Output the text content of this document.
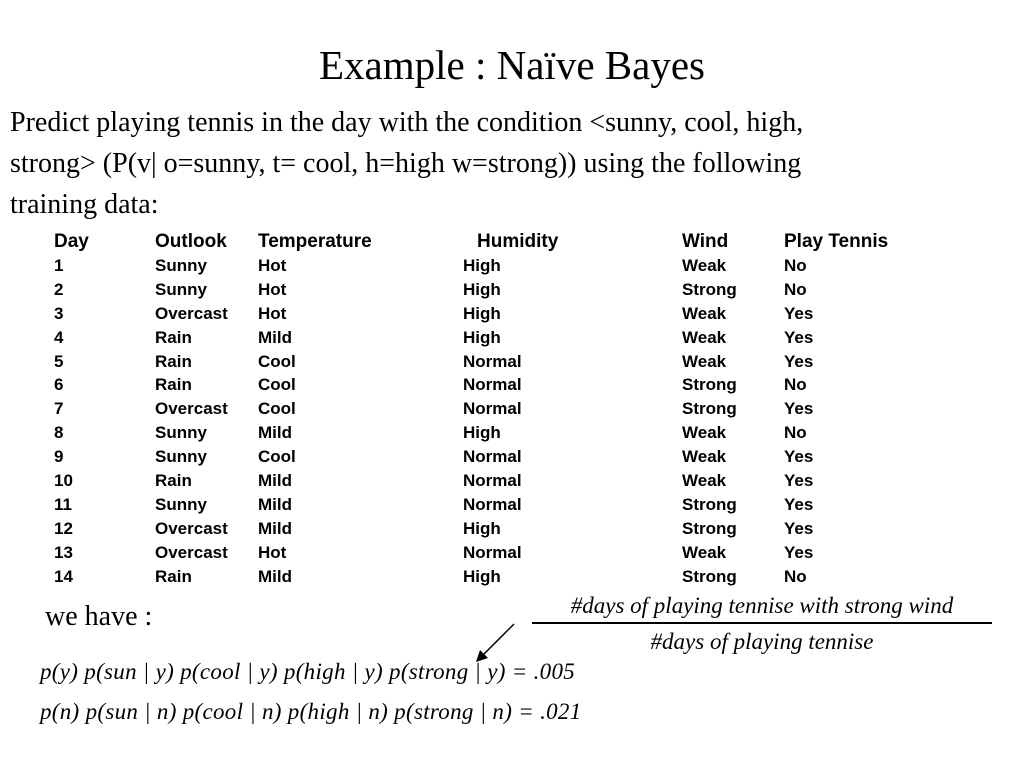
Example : Naïve Bayes

Predict playing tennis in the day with the condition <sunny, cool, high,
strong> (P(v| o=sunny, t= cool, h=high w=strong)) using the following
training data:

Day	Outlook	Temperature	Humidity	Wind	Play Tennis
1	Sunny	Hot	High	Weak	No
2	Sunny	Hot	High	Strong	No
3	Overcast	Hot	High	Weak	Yes
4	Rain	Mild	High	Weak	Yes
5	Rain	Cool	Normal	Weak	Yes
6	Rain	Cool	Normal	Strong	No
7	Overcast	Cool	Normal	Strong	Yes
8	Sunny	Mild	High	Weak	No
9	Sunny	Cool	Normal	Weak	Yes
10	Rain	Mild	Normal	Weak	Yes
11	Sunny	Mild	Normal	Strong	Yes
12	Overcast	Mild	High	Strong	Yes
13	Overcast	Hot	Normal	Weak	Yes
14	Rain	Mild	High	Strong	No

we have :	#days of playing tennise with strong wind
#days of playing tennise

p(y) p(sun | y) p(cool | y) p(high | y) p(strong | y) = .005

p(n) p(sun | n) p(cool | n) p(high | n) p(strong | n) = .021
